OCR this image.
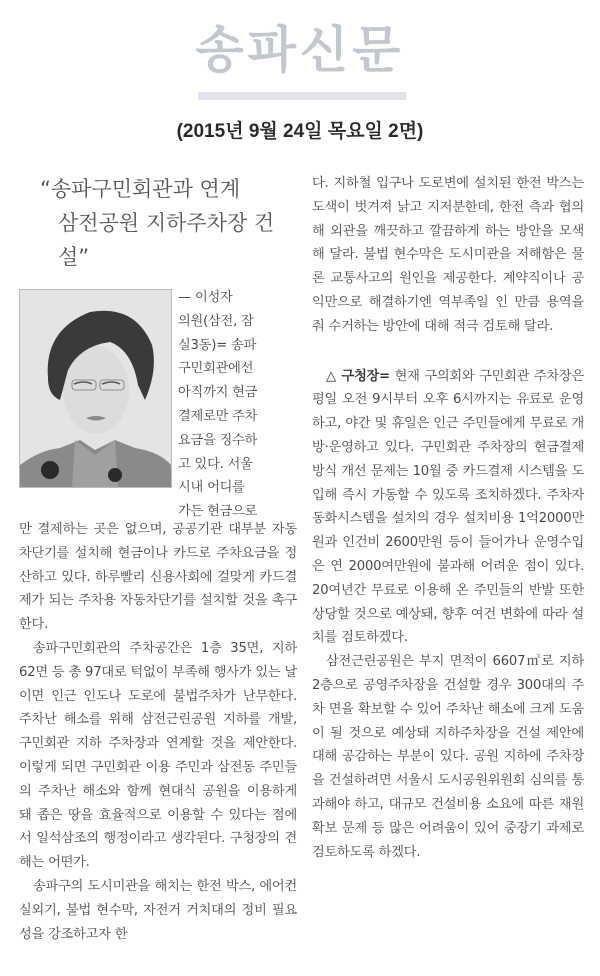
송파신문
(2015년 9월 24일 목요일 2면)
“송파구민회관과 연계
삼전공원 지하주차장 건설”

— 이성자

의원(삼전, 잠

실3동)= 송파

구민회관에선

아직까지 현금

결제로만 주차

요금을 징수하

고 있다. 서울

시내 어디를

가든 현금으로

만 결제하는 곳은 없으며, 공공기관 대부분 자동차단기를 설치해 현금이나 카드로 주차요금을 정산하고 있다. 하루빨리 신용사회에 걸맞게 카드결제가 되는 주차용 자동차단기를 설치할 것을 촉구한다.

송파구민회관의 주차공간은 1층 35면, 지하 62면 등 총 97대로 턱없이 부족해 행사가 있는 날이면 인근 인도나 도로에 불법주차가 난무한다. 주차난 해소를 위해 삼전근린공원 지하를 개발, 구민회관 지하 주차장과 연계할 것을 제안한다. 이렇게 되면 구민회관 이용 주민과 삼전동 주민들의 주차난 해소와 함께 현대식 공원을 이용하게 돼 좁은 땅을 효율적으로 이용할 수 있다는 점에서 일석삼조의 행정이라고 생각된다. 구청장의 견해는 어떤가.

송파구의 도시미관을 해치는 한전 박스, 에어컨 실외기, 불법 현수막, 자전거 거치대의 정비 필요성을 강조하고자 한

다. 지하철 입구나 도로변에 설치된 한전 박스는 도색이 벗겨져 낡고 지저분한데, 한전 측과 협의해 외관을 깨끗하고 깔끔하게 하는 방안을 모색해 달라. 불법 현수막은 도시미관을 저해함은 물론 교통사고의 원인을 제공한다. 계약직이나 공익만으로 해결하기엔 역부족일 인 만큼 용역을 줘 수거하는 방안에 대해 적극 검토해 달라.

△ 구청장= 현재 구의회와 구민회관 주차장은 평일 오전 9시부터 오후 6시까지는 유료로 운영하고, 야간 및 휴일은 인근 주민들에게 무료로 개방·운영하고 있다. 구민회관 주차장의 현금결제 방식 개선 문제는 10월 중 카드결제 시스템을 도입해 즉시 가동할 수 있도록 조치하겠다. 주차자동화시스템을 설치의 경우 설치비용 1억2000만원과 인건비 2600만원 등이 들어가나 운영수입은 연 2000여만원에 불과해 어려운 점이 있다. 20여년간 무료로 이용해 온 주민들의 반발 또한 상당할 것으로 예상돼, 향후 여건 변화에 따라 설치를 검토하겠다.

삼전근린공원은 부지 면적이 6607㎡로 지하 2층으로 공영주차장을 건설할 경우 300대의 주차 면을 확보할 수 있어 주차난 해소에 크게 도움이 될 것으로 예상돼 지하주차장을 건설 제안에 대해 공감하는 부분이 있다. 공원 지하에 주차장을 건설하려면 서울시 도시공원위원회 심의를 통과해야 하고, 대규모 건설비용 소요에 따른 재원 확보 문제 등 많은 어려움이 있어 중장기 과제로 검토하도록 하겠다.
